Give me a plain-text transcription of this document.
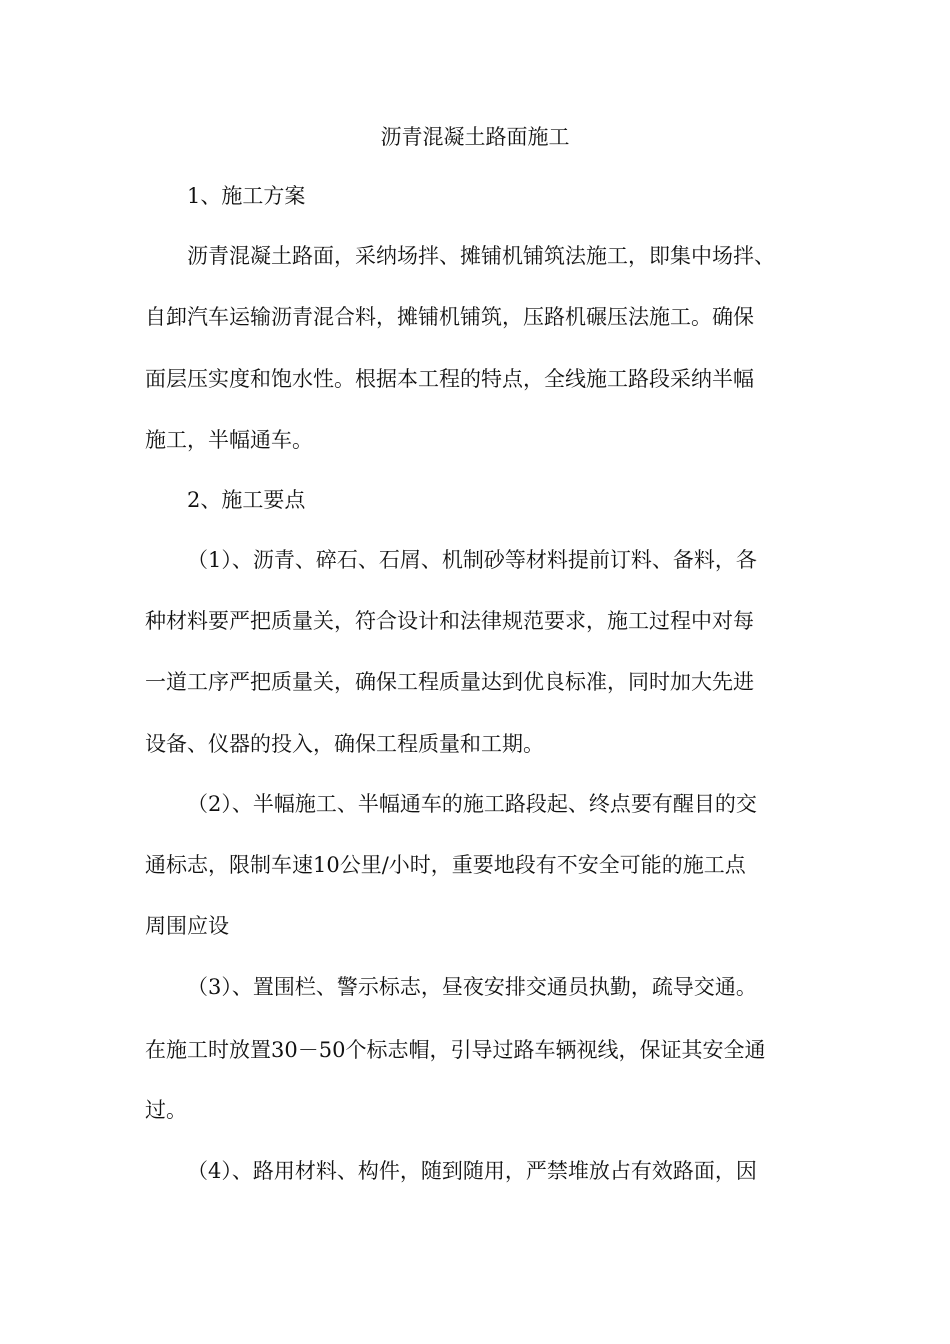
沥青混凝土路面施工
1、施工方案
沥青混凝土路面，采纳场拌、摊铺机铺筑法施工，即集中场拌、
自卸汽车运输沥青混合料，摊铺机铺筑，压路机碾压法施工。确保
面层压实度和饱水性。根据本工程的特点，全线施工路段采纳半幅
施工，半幅通车。
2、施工要点
（1）、沥青、碎石、石屑、机制砂等材料提前订料、备料，各
种材料要严把质量关，符合设计和法律规范要求，施工过程中对每
一道工序严把质量关，确保工程质量达到优良标准，同时加大先进
设备、仪器的投入，确保工程质量和工期。
（2）、半幅施工、半幅通车的施工路段起、终点要有醒目的交
通标志，限制车速10公里/小时，重要地段有不安全可能的施工点
周围应设
（3）、置围栏、警示标志，昼夜安排交通员执勤，疏导交通。
在施工时放置30－50个标志帽，引导过路车辆视线，保证其安全通
过。
（4）、路用材料、构件，随到随用，严禁堆放占有效路面，因
